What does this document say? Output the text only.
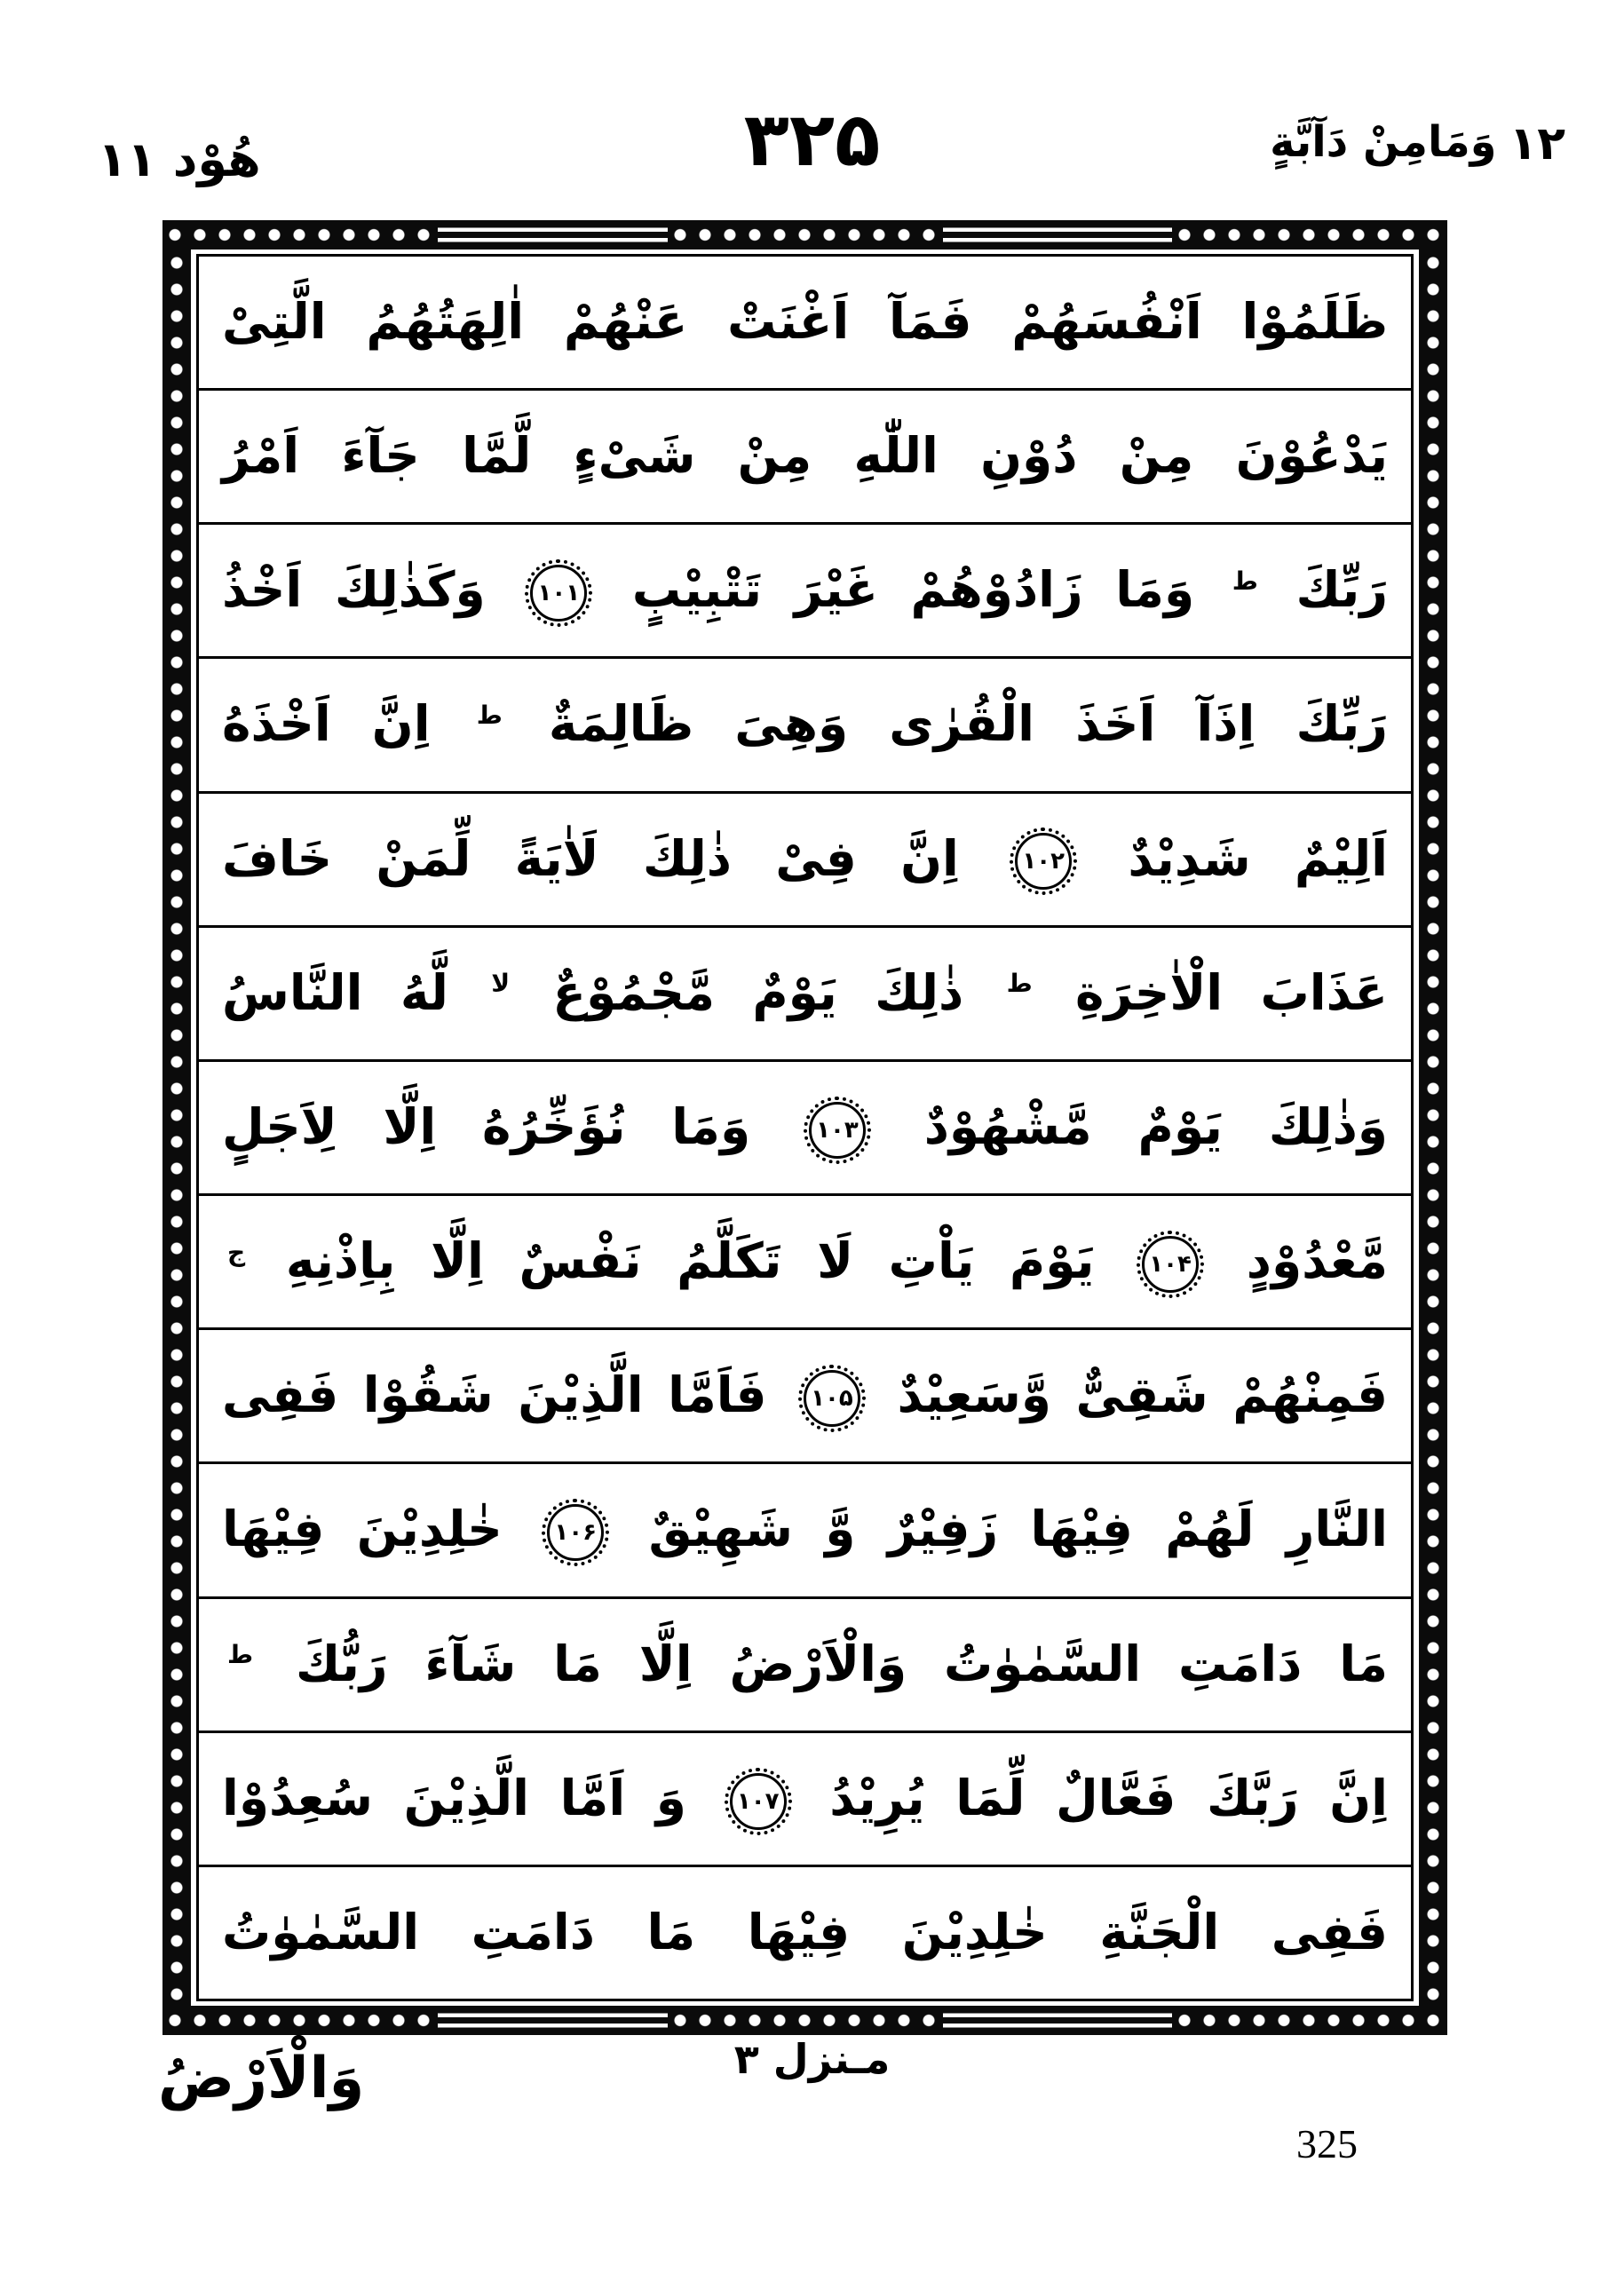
هُوْد ۱۱	۳۲۵	وَمَامِنْ دَآبَّةٍ ۱۲
ظَلَمُوْا اَنْفُسَهُمْ فَمَآ اَغْنَتْ عَنْهُمْ اٰلِهَتُهُمُ الَّتِیْ
یَدْعُوْنَ مِنْ دُوْنِ اللّٰهِ مِنْ شَیْءٍ لَّمَّا جَآءَ اَمْرُ
رَبِّكَ $^ط$ وَمَا زَادُوْهُمْ غَیْرَ تَتْبِیْبٍ ۱۰۱ وَكَذٰلِكَ اَخْذُ
رَبِّكَ اِذَآ اَخَذَ الْقُرٰی وَهِیَ ظَالِمَةٌ $^ط$ اِنَّ اَخْذَهُ
اَلِیْمٌ شَدِیْدٌ ۱۰۲ اِنَّ فِیْ ذٰلِكَ لَاٰیَةً لِّمَنْ خَافَ
عَذَابَ الْاٰخِرَةِ $^ط$ ذٰلِكَ یَوْمٌ مَّجْمُوْعٌ $^{لا}$ لَّهُ النَّاسُ
وَذٰلِكَ یَوْمٌ مَّشْهُوْدٌ ۱۰۳ وَمَا نُؤَخِّرُهُ اِلَّا لِاَجَلٍ
مَّعْدُوْدٍ ۱۰۴ یَوْمَ یَاْتِ لَا تَكَلَّمُ نَفْسٌ اِلَّا بِاِذْنِهِ $^ج$
فَمِنْهُمْ شَقِیٌّ وَّسَعِیْدٌ ۱۰۵ فَاَمَّا الَّذِیْنَ شَقُوْا فَفِی
النَّارِ لَهُمْ فِیْهَا زَفِیْرٌ وَّ شَهِیْقٌ ۱۰۶ خٰلِدِیْنَ فِیْهَا
مَا دَامَتِ السَّمٰوٰتُ وَالْاَرْضُ اِلَّا مَا شَآءَ رَبُّكَ $^ط$
اِنَّ رَبَّكَ فَعَّالٌ لِّمَا یُرِیْدُ ۱۰۷ وَ اَمَّا الَّذِیْنَ سُعِدُوْا
فَفِی الْجَنَّةِ خٰلِدِیْنَ فِیْهَا مَا دَامَتِ السَّمٰوٰتُ
وَالْاَرْضُ	مـنزل ۳
325
